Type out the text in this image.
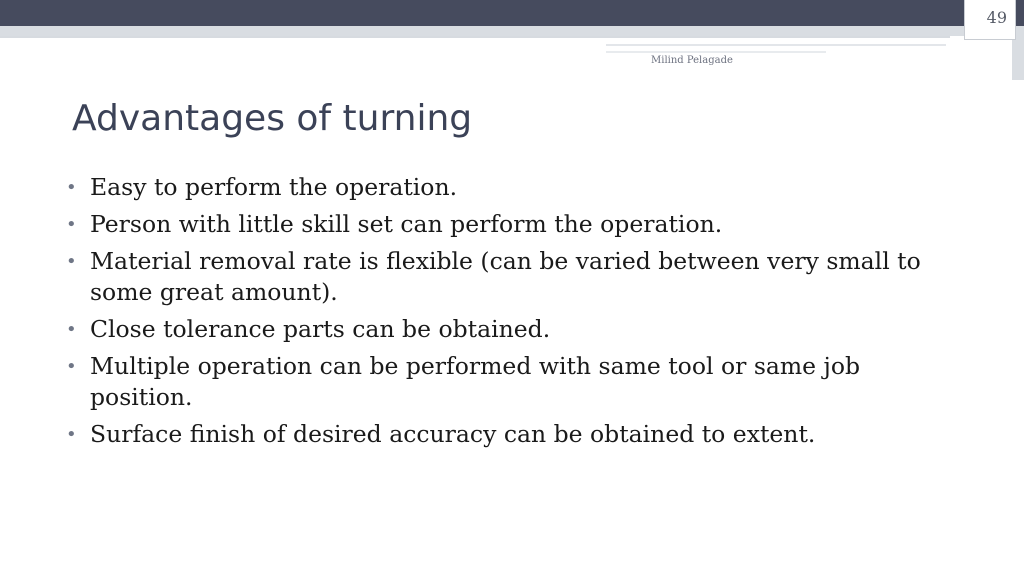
49
Milind Pelagade
Advantages of turning
• Easy to perform the operation.
• Person with little skill set can perform the operation.
• Material removal rate is flexible (can be varied between very small to some great amount).
• Close tolerance parts can be obtained.
• Multiple operation can be performed with same tool or same job position.
• Surface finish of desired accuracy can be obtained to extent.
